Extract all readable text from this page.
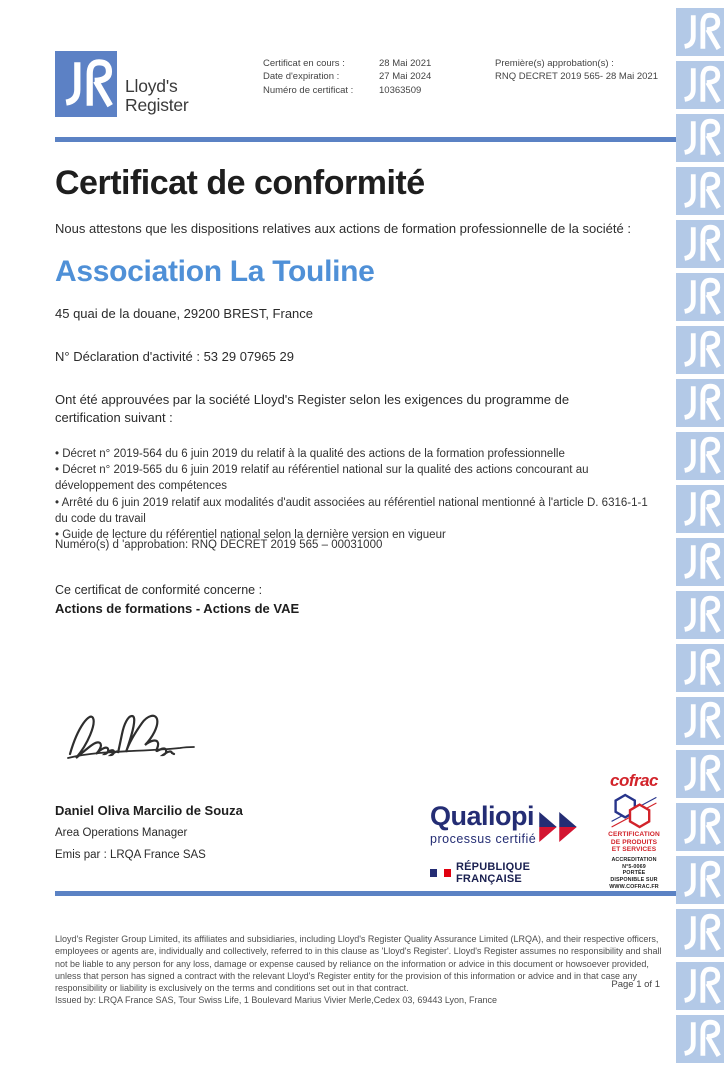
Lloyd's
Register
Certificat en cours :	28 Mai 2021
Date d'expiration :	27 Mai 2024
Numéro de certificat :	10363509
Première(s) approbation(s) :
RNQ DECRET 2019 565- 28 Mai 2021
Certificat de conformité
Nous attestons que les dispositions relatives aux actions de formation professionnelle de la société :
Association La Touline
45 quai de la douane, 29200 BREST, France
N° Déclaration d'activité : 53 29 07965 29
Ont été approuvées par la société Lloyd's Register selon les exigences du programme de certification suivant :
• Décret n° 2019-564 du 6 juin 2019 du relatif à la qualité des actions de la formation professionnelle
• Décret n° 2019-565 du 6 juin 2019 relatif au référentiel national sur la qualité des actions concourant au développement des compétences
• Arrêté du 6 juin 2019 relatif aux modalités d'audit associées au référentiel national mentionné à l'article D. 6316-1-1 du code du travail
• Guide de lecture du référentiel national selon la dernière version en vigueur
Numéro(s) d 'approbation: RNQ DECRET 2019 565 – 00031000
Ce certificat de conformité concerne :
Actions de formations - Actions de VAE
Daniel Oliva Marcilio de Souza
Area Operations Manager
Emis par : LRQA France SAS
Qualiopi
processus certifié
RÉPUBLIQUE FRANÇAISE
cofrac
CERTIFICATION
DE PRODUITS
ET SERVICES
ACCREDITATION
N°5-0069
PORTÉE
DISPONIBLE SUR
WWW.COFRAC.FR
Lloyd's Register Group Limited, its affiliates and subsidiaries, including Lloyd's Register Quality Assurance Limited (LRQA), and their respective officers, employees or agents are, individually and collectively, referred to in this clause as 'Lloyd's Register'. Lloyd's Register assumes no responsibility and shall not be liable to any person for any loss, damage or expense caused by reliance on the information or advice in this document or howsoever provided, unless that person has signed a contract with the relevant Lloyd's Register entity for the provision of this information or advice and in that case any responsibility or liability is exclusively on the terms and conditions set out in that contract.
Issued by: LRQA France SAS, Tour Swiss Life, 1 Boulevard Marius Vivier Merle,Cedex 03, 69443 Lyon, France
Page 1 of 1
